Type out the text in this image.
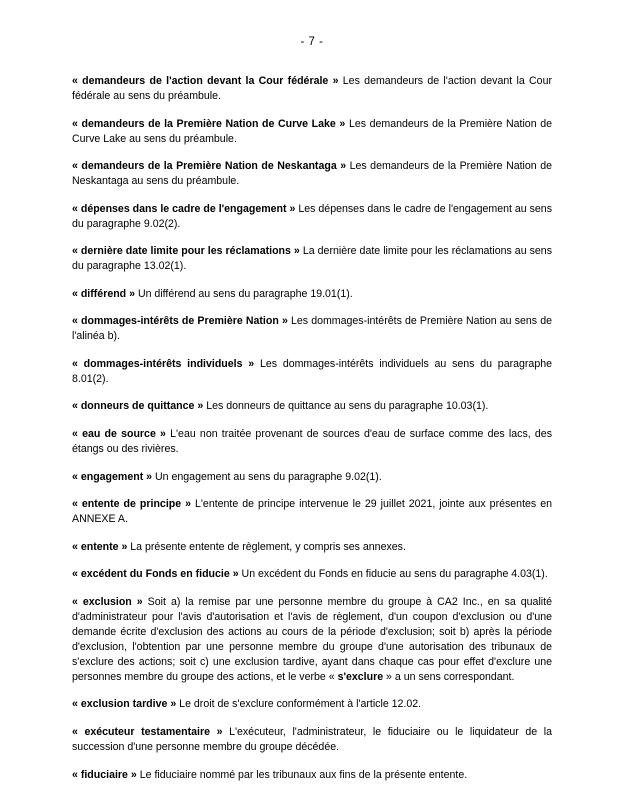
- 7 -

« demandeurs de l'action devant la Cour fédérale » Les demandeurs de l'action devant la Cour fédérale au sens du préambule.

« demandeurs de la Première Nation de Curve Lake » Les demandeurs de la Première Nation de Curve Lake au sens du préambule.

« demandeurs de la Première Nation de Neskantaga » Les demandeurs de la Première Nation de Neskantaga au sens du préambule.

« dépenses dans le cadre de l'engagement » Les dépenses dans le cadre de l'engagement au sens du paragraphe 9.02(2).

« dernière date limite pour les réclamations » La dernière date limite pour les réclamations au sens du paragraphe 13.02(1).

« différend » Un différend au sens du paragraphe 19.01(1).

« dommages-intérêts de Première Nation » Les dommages-intérêts de Première Nation au sens de l'alinéa b).

« dommages-intérêts individuels » Les dommages-intérêts individuels au sens du paragraphe 8.01(2).

« donneurs de quittance » Les donneurs de quittance au sens du paragraphe 10.03(1).

« eau de source » L'eau non traitée provenant de sources d'eau de surface comme des lacs, des étangs ou des rivières.

« engagement » Un engagement au sens du paragraphe 9.02(1).

« entente de principe » L'entente de principe intervenue le 29 juillet 2021, jointe aux présentes en ANNEXE A.

« entente » La présente entente de règlement, y compris ses annexes.

« excédent du Fonds en fiducie » Un excédent du Fonds en fiducie au sens du paragraphe 4.03(1).

« exclusion » Soit a) la remise par une personne membre du groupe à CA2 Inc., en sa qualité d'administrateur pour l'avis d'autorisation et l'avis de règlement, d'un coupon d'exclusion ou d'une demande écrite d'exclusion des actions au cours de la période d'exclusion; soit b) après la période d'exclusion, l'obtention par une personne membre du groupe d'une autorisation des tribunaux de s'exclure des actions; soit c) une exclusion tardive, ayant dans chaque cas pour effet d'exclure une personnes membre du groupe des actions, et le verbe « s'exclure » a un sens correspondant.

« exclusion tardive » Le droit de s'exclure conformément à l'article 12.02.

« exécuteur testamentaire » L'exécuteur, l'administrateur, le fiduciaire ou le liquidateur de la succession d'une personne membre du groupe décédée.

« fiduciaire » Le fiduciaire nommé par les tribunaux aux fins de la présente entente.
